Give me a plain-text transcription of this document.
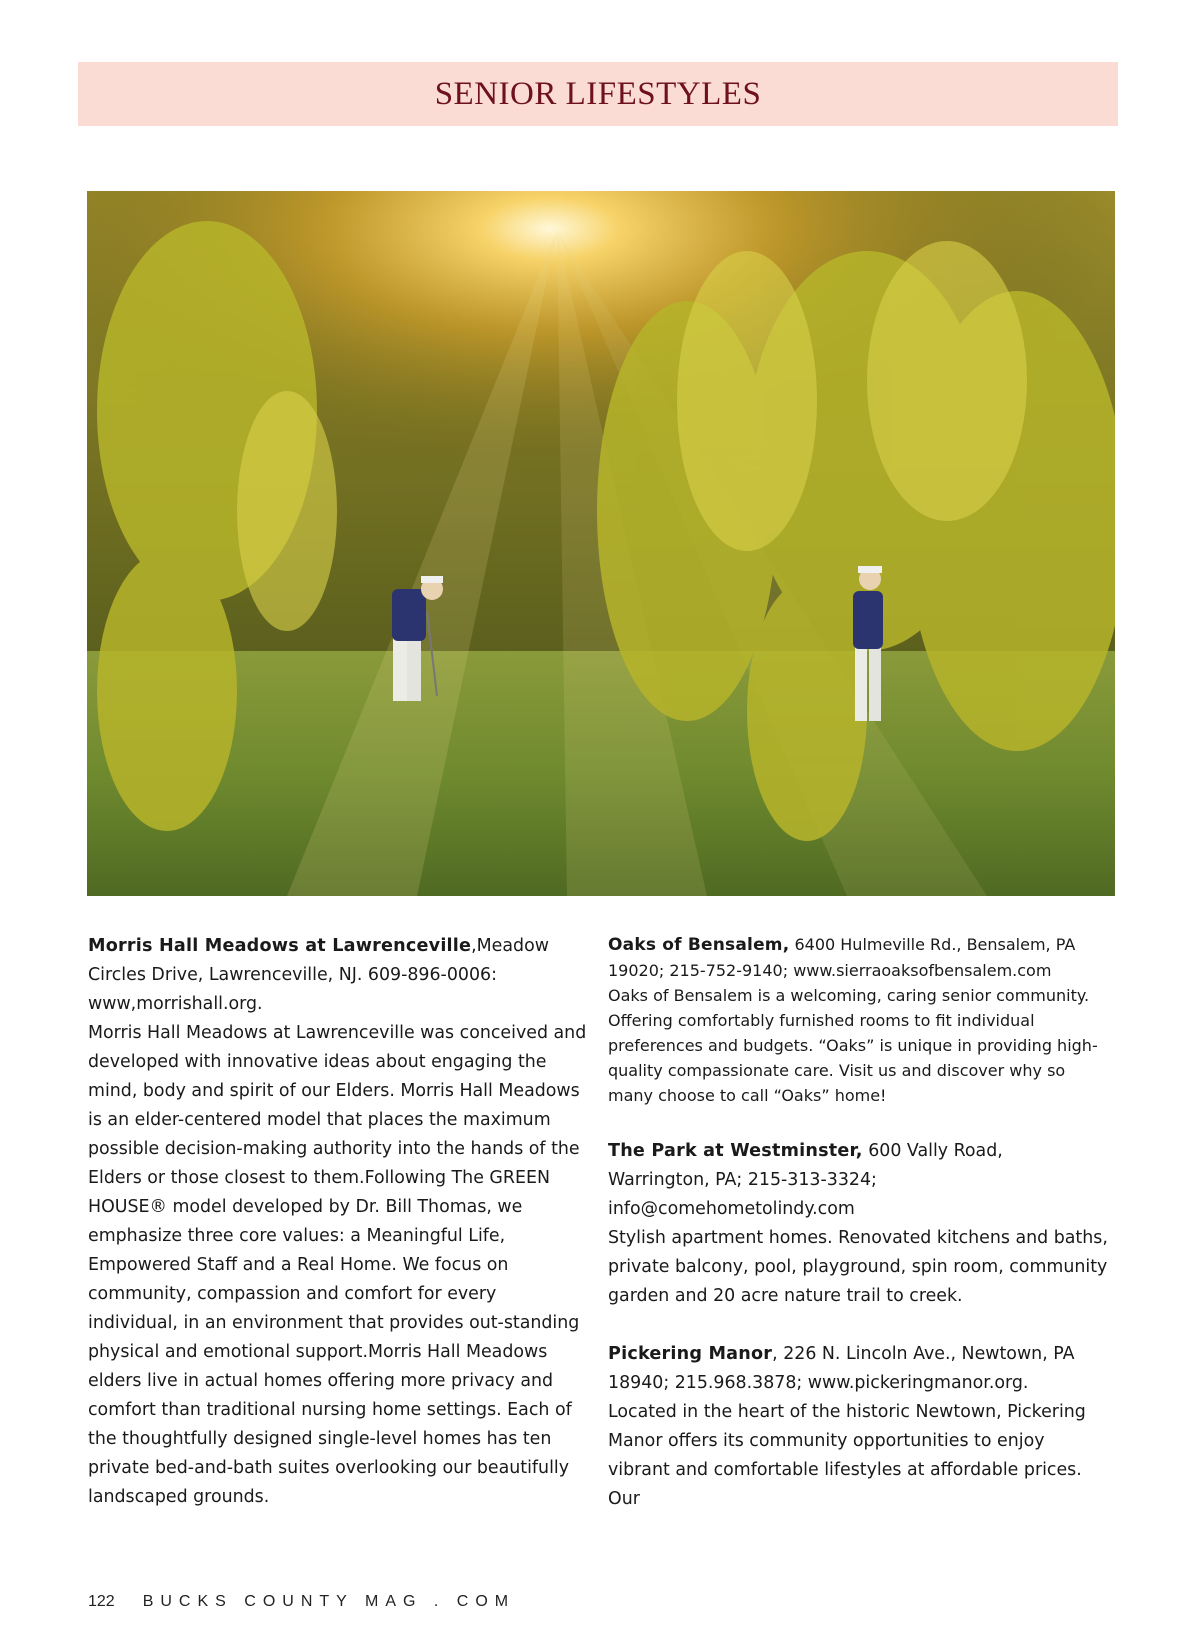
SENIOR LIFESTYLES

Morris Hall Meadows at Lawrenceville,Meadow Circles Drive, Lawrenceville, NJ. 609-896-0006: www,morrishall.org.

Morris Hall Meadows at Lawrenceville was conceived and developed with innovative ideas about engaging the mind, body and spirit of our Elders. Morris Hall Meadows is an elder-centered model that places the maximum possible decision-making authority into the hands of the Elders or those closest to them.Following The GREEN HOUSE® model developed by Dr. Bill Thomas, we emphasize three core values: a Meaningful Life, Empowered Staff and a Real Home. We focus on community, compassion and comfort for every individual, in an environment that provides out-standing physical and emotional support.Morris Hall Meadows elders live in actual homes offering more privacy and comfort than traditional nursing home settings. Each of the thoughtfully designed single-level homes has ten private bed-and-bath suites overlooking our beautifully landscaped grounds.

Oaks of Bensalem, 6400 Hulmeville Rd., Bensalem, PA 19020; 215-752-9140; www.sierraoaksofbensalem.com

Oaks of Bensalem is a welcoming, caring senior community. Offering comfortably furnished rooms to fit individual preferences and budgets. “Oaks” is unique in providing high-quality compassionate care. Visit us and discover why so many choose to call “Oaks” home!

The Park at Westminster, 600 Vally Road, Warrington, PA; 215-313-3324; info@comehometolindy.com

Stylish apartment homes. Renovated kitchens and baths, private balcony, pool, playground, spin room, community garden and 20 acre nature trail to creek.

Pickering Manor, 226 N. Lincoln Ave., Newtown, PA 18940; 215.968.3878; www.pickeringmanor.org.

Located in the heart of the historic Newtown, Pickering Manor offers its community opportunities to enjoy vibrant and comfortable lifestyles at affordable prices. Our

122 BUCKS COUNTY MAG . COM
